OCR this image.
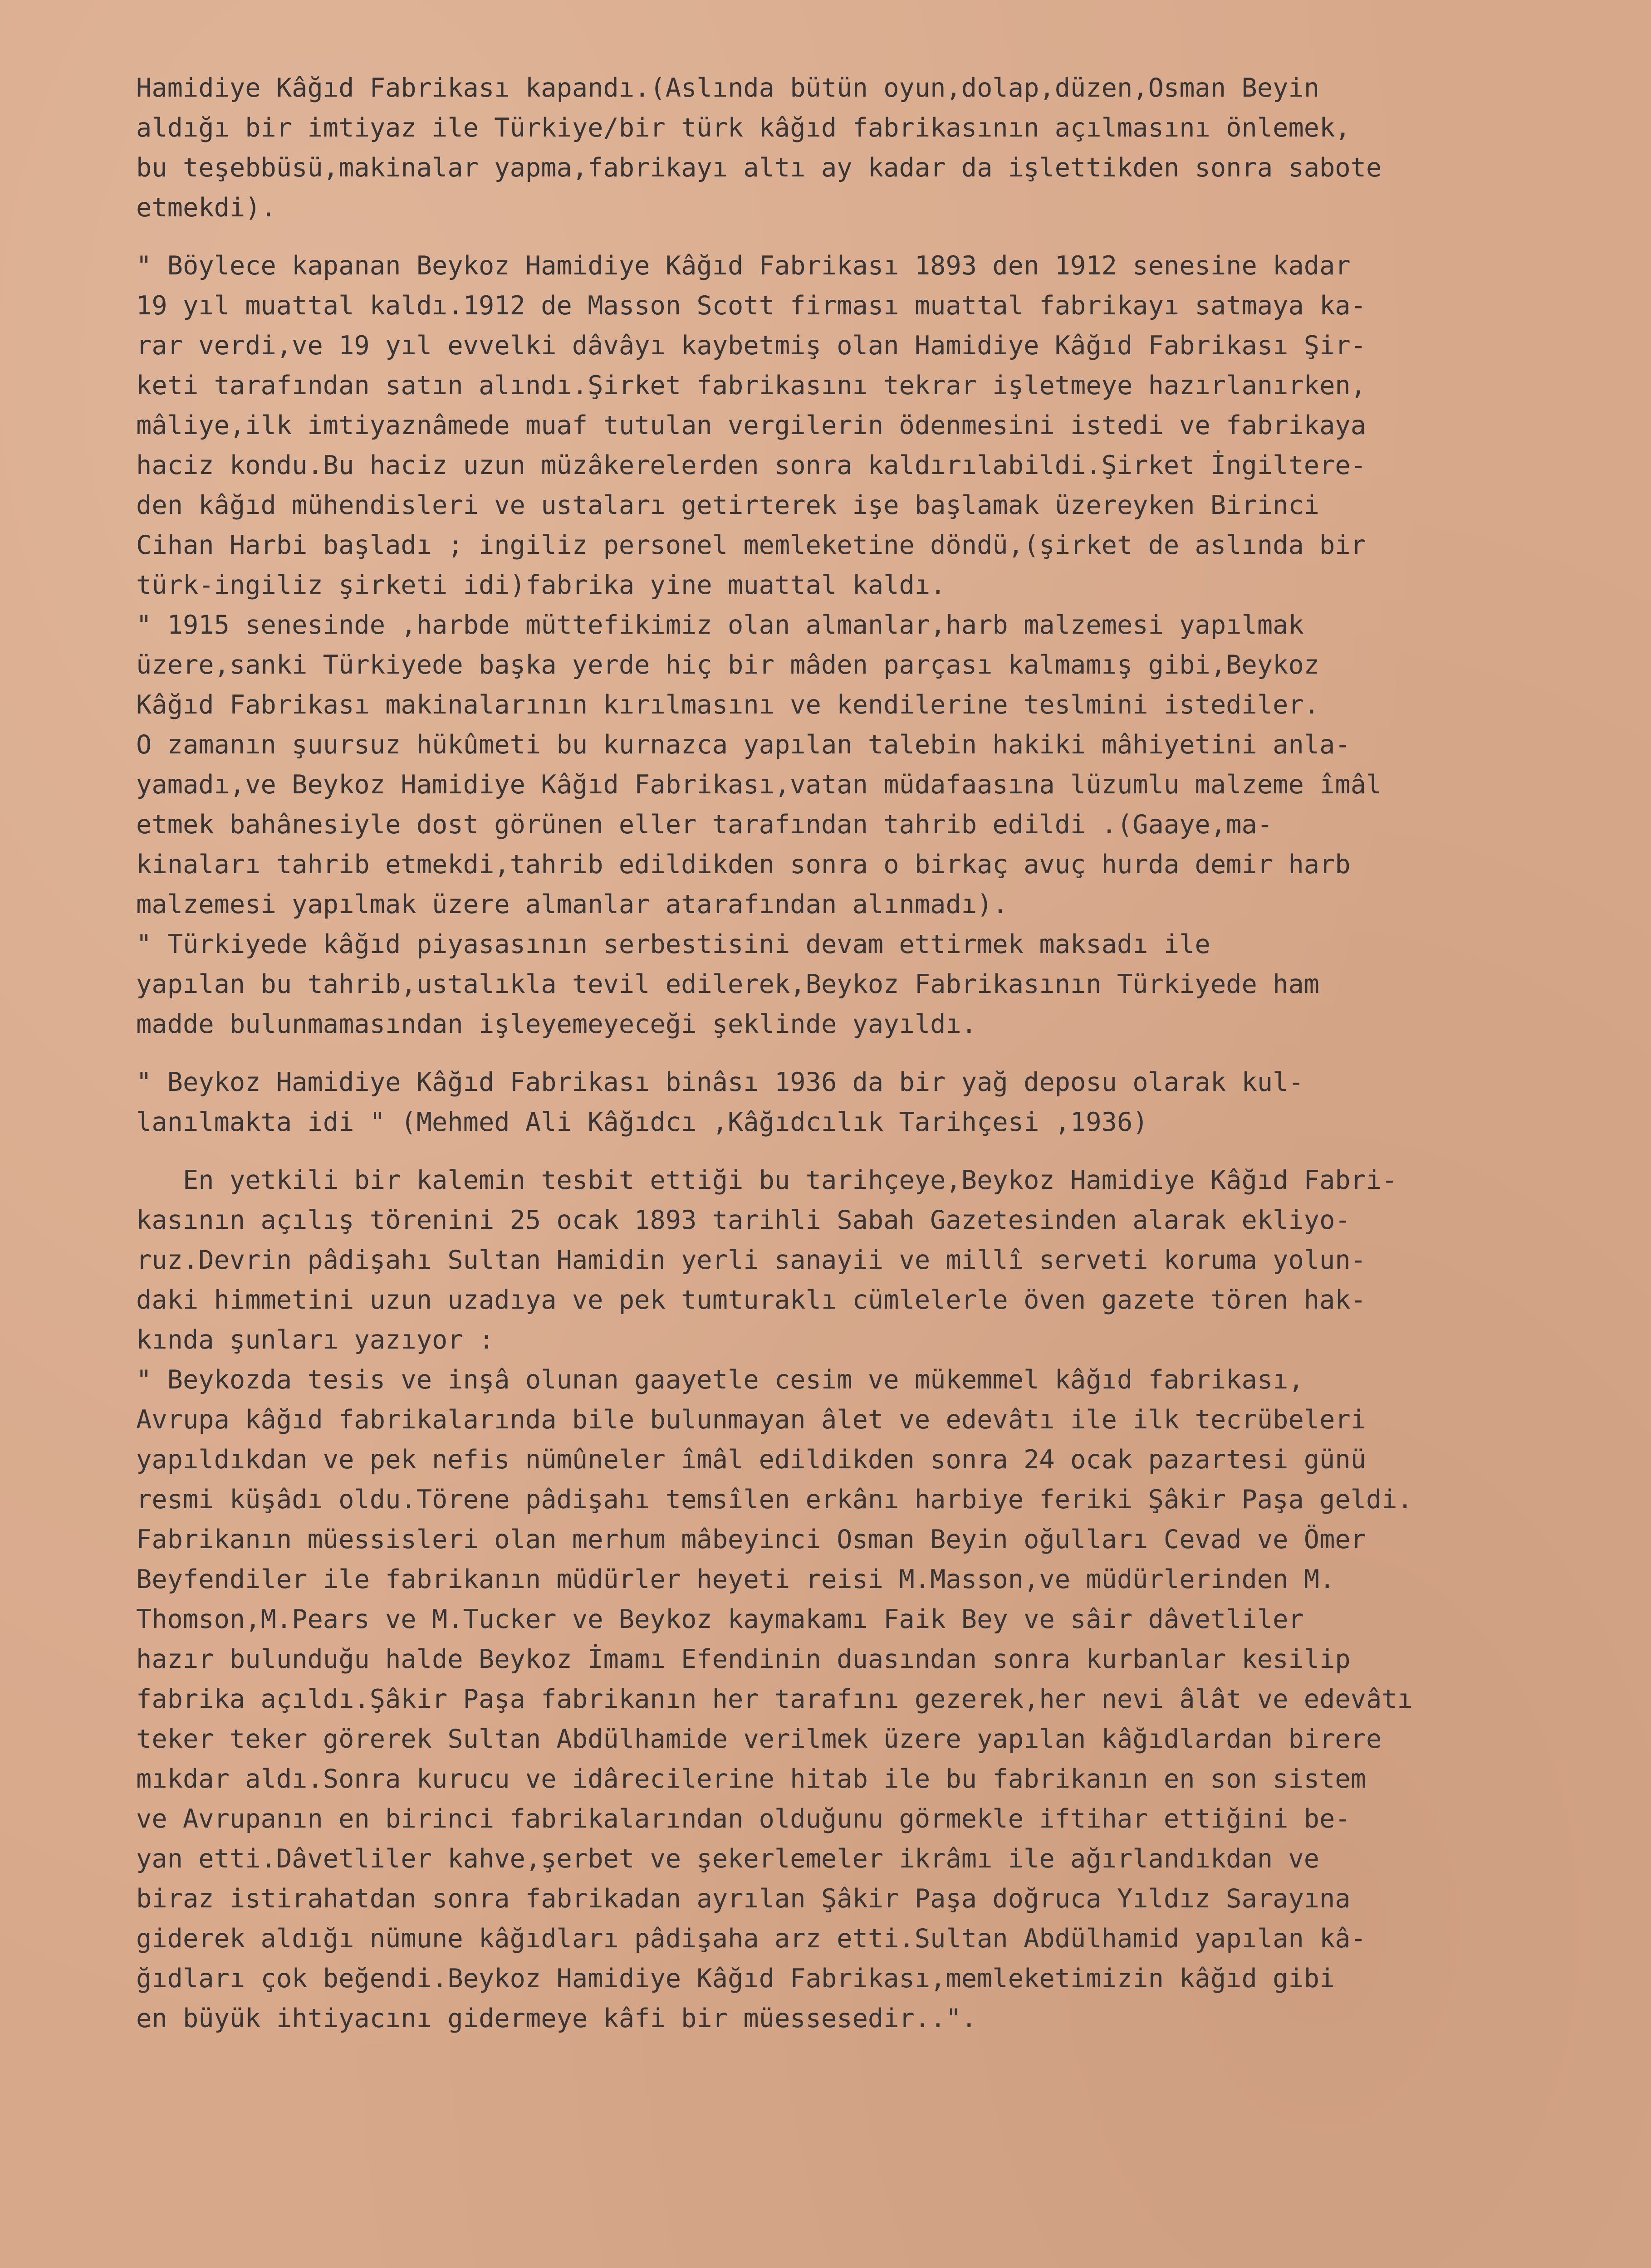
Hamidiye Kâğıd Fabrikası kapandı.(Aslında bütün oyun,dolap,düzen,Osman Beyin
aldığı bir imtiyaz ile Türkiye/bir türk kâğıd fabrikasının açılmasını önlemek,
bu teşebbüsü,makinalar yapma,fabrikayı altı ay kadar da işlettikden sonra sabote
etmekdi).
" Böylece kapanan Beykoz Hamidiye Kâğıd Fabrikası 1893 den 1912 senesine kadar
19 yıl muattal kaldı.1912 de Masson Scott firması muattal fabrikayı satmaya ka-
rar verdi,ve 19 yıl evvelki dâvâyı kaybetmiş olan Hamidiye Kâğıd Fabrikası Şir-
keti tarafından satın alındı.Şirket fabrikasını tekrar işletmeye hazırlanırken,
mâliye,ilk imtiyaznâmede muaf tutulan vergilerin ödenmesini istedi ve fabrikaya
haciz kondu.Bu haciz uzun müzâkerelerden sonra kaldırılabildi.Şirket İngiltere-
den kâğıd mühendisleri ve ustaları getirterek işe başlamak üzereyken Birinci
Cihan Harbi başladı ; ingiliz personel memleketine döndü,(şirket de aslında bir
türk-ingiliz şirketi idi)fabrika yine muattal kaldı.
" 1915 senesinde ,harbde müttefikimiz olan almanlar,harb malzemesi yapılmak
üzere,sanki Türkiyede başka yerde hiç bir mâden parçası kalmamış gibi,Beykoz
Kâğıd Fabrikası makinalarının kırılmasını ve kendilerine teslmini istediler.
O zamanın şuursuz hükûmeti bu kurnazca yapılan talebin hakiki mâhiyetini anla-
yamadı,ve Beykoz Hamidiye Kâğıd Fabrikası,vatan müdafaasına lüzumlu malzeme îmâl
etmek bahânesiyle dost görünen eller tarafından tahrib edildi .(Gaaye,ma-
kinaları tahrib etmekdi,tahrib edildikden sonra o birkaç avuç hurda demir harb
malzemesi yapılmak üzere almanlar atarafından alınmadı).
" Türkiyede kâğıd piyasasının serbestisini devam ettirmek maksadı ile
yapılan bu tahrib,ustalıkla tevil edilerek,Beykoz Fabrikasının Türkiyede ham
madde bulunmamasından işleyemeyeceği şeklinde yayıldı.
" Beykoz Hamidiye Kâğıd Fabrikası binâsı 1936 da bir yağ deposu olarak kul-
lanılmakta idi " (Mehmed Ali Kâğıdcı ,Kâğıdcılık Tarihçesi ,1936)
En yetkili bir kalemin tesbit ettiği bu tarihçeye,Beykoz Hamidiye Kâğıd Fabri-
kasının açılış törenini 25 ocak 1893 tarihli Sabah Gazetesinden alarak ekliyo-
ruz.Devrin pâdişahı Sultan Hamidin yerli sanayii ve millî serveti koruma yolun-
daki himmetini uzun uzadıya ve pek tumturaklı cümlelerle öven gazete tören hak-
kında şunları yazıyor :
" Beykozda tesis ve inşâ olunan gaayetle cesim ve mükemmel kâğıd fabrikası,
Avrupa kâğıd fabrikalarında bile bulunmayan âlet ve edevâtı ile ilk tecrübeleri
yapıldıkdan ve pek nefis nümûneler îmâl edildikden sonra 24 ocak pazartesi günü
resmi küşâdı oldu.Törene pâdişahı temsîlen erkânı harbiye feriki Şâkir Paşa geldi.
Fabrikanın müessisleri olan merhum mâbeyinci Osman Beyin oğulları Cevad ve Ömer
Beyfendiler ile fabrikanın müdürler heyeti reisi M.Masson,ve müdürlerinden M.
Thomson,M.Pears ve M.Tucker ve Beykoz kaymakamı Faik Bey ve sâir dâvetliler
hazır bulunduğu halde Beykoz İmamı Efendinin duasından sonra kurbanlar kesilip
fabrika açıldı.Şâkir Paşa fabrikanın her tarafını gezerek,her nevi âlât ve edevâtı
teker teker görerek Sultan Abdülhamide verilmek üzere yapılan kâğıdlardan birere
mıkdar aldı.Sonra kurucu ve idârecilerine hitab ile bu fabrikanın en son sistem
ve Avrupanın en birinci fabrikalarından olduğunu görmekle iftihar ettiğini be-
yan etti.Dâvetliler kahve,şerbet ve şekerlemeler ikrâmı ile ağırlandıkdan ve
biraz istirahatdan sonra fabrikadan ayrılan Şâkir Paşa doğruca Yıldız Sarayına
giderek aldığı nümune kâğıdları pâdişaha arz etti.Sultan Abdülhamid yapılan kâ-
ğıdları çok beğendi.Beykoz Hamidiye Kâğıd Fabrikası,memleketimizin kâğıd gibi
en büyük ihtiyacını gidermeye kâfi bir müessesedir..".
